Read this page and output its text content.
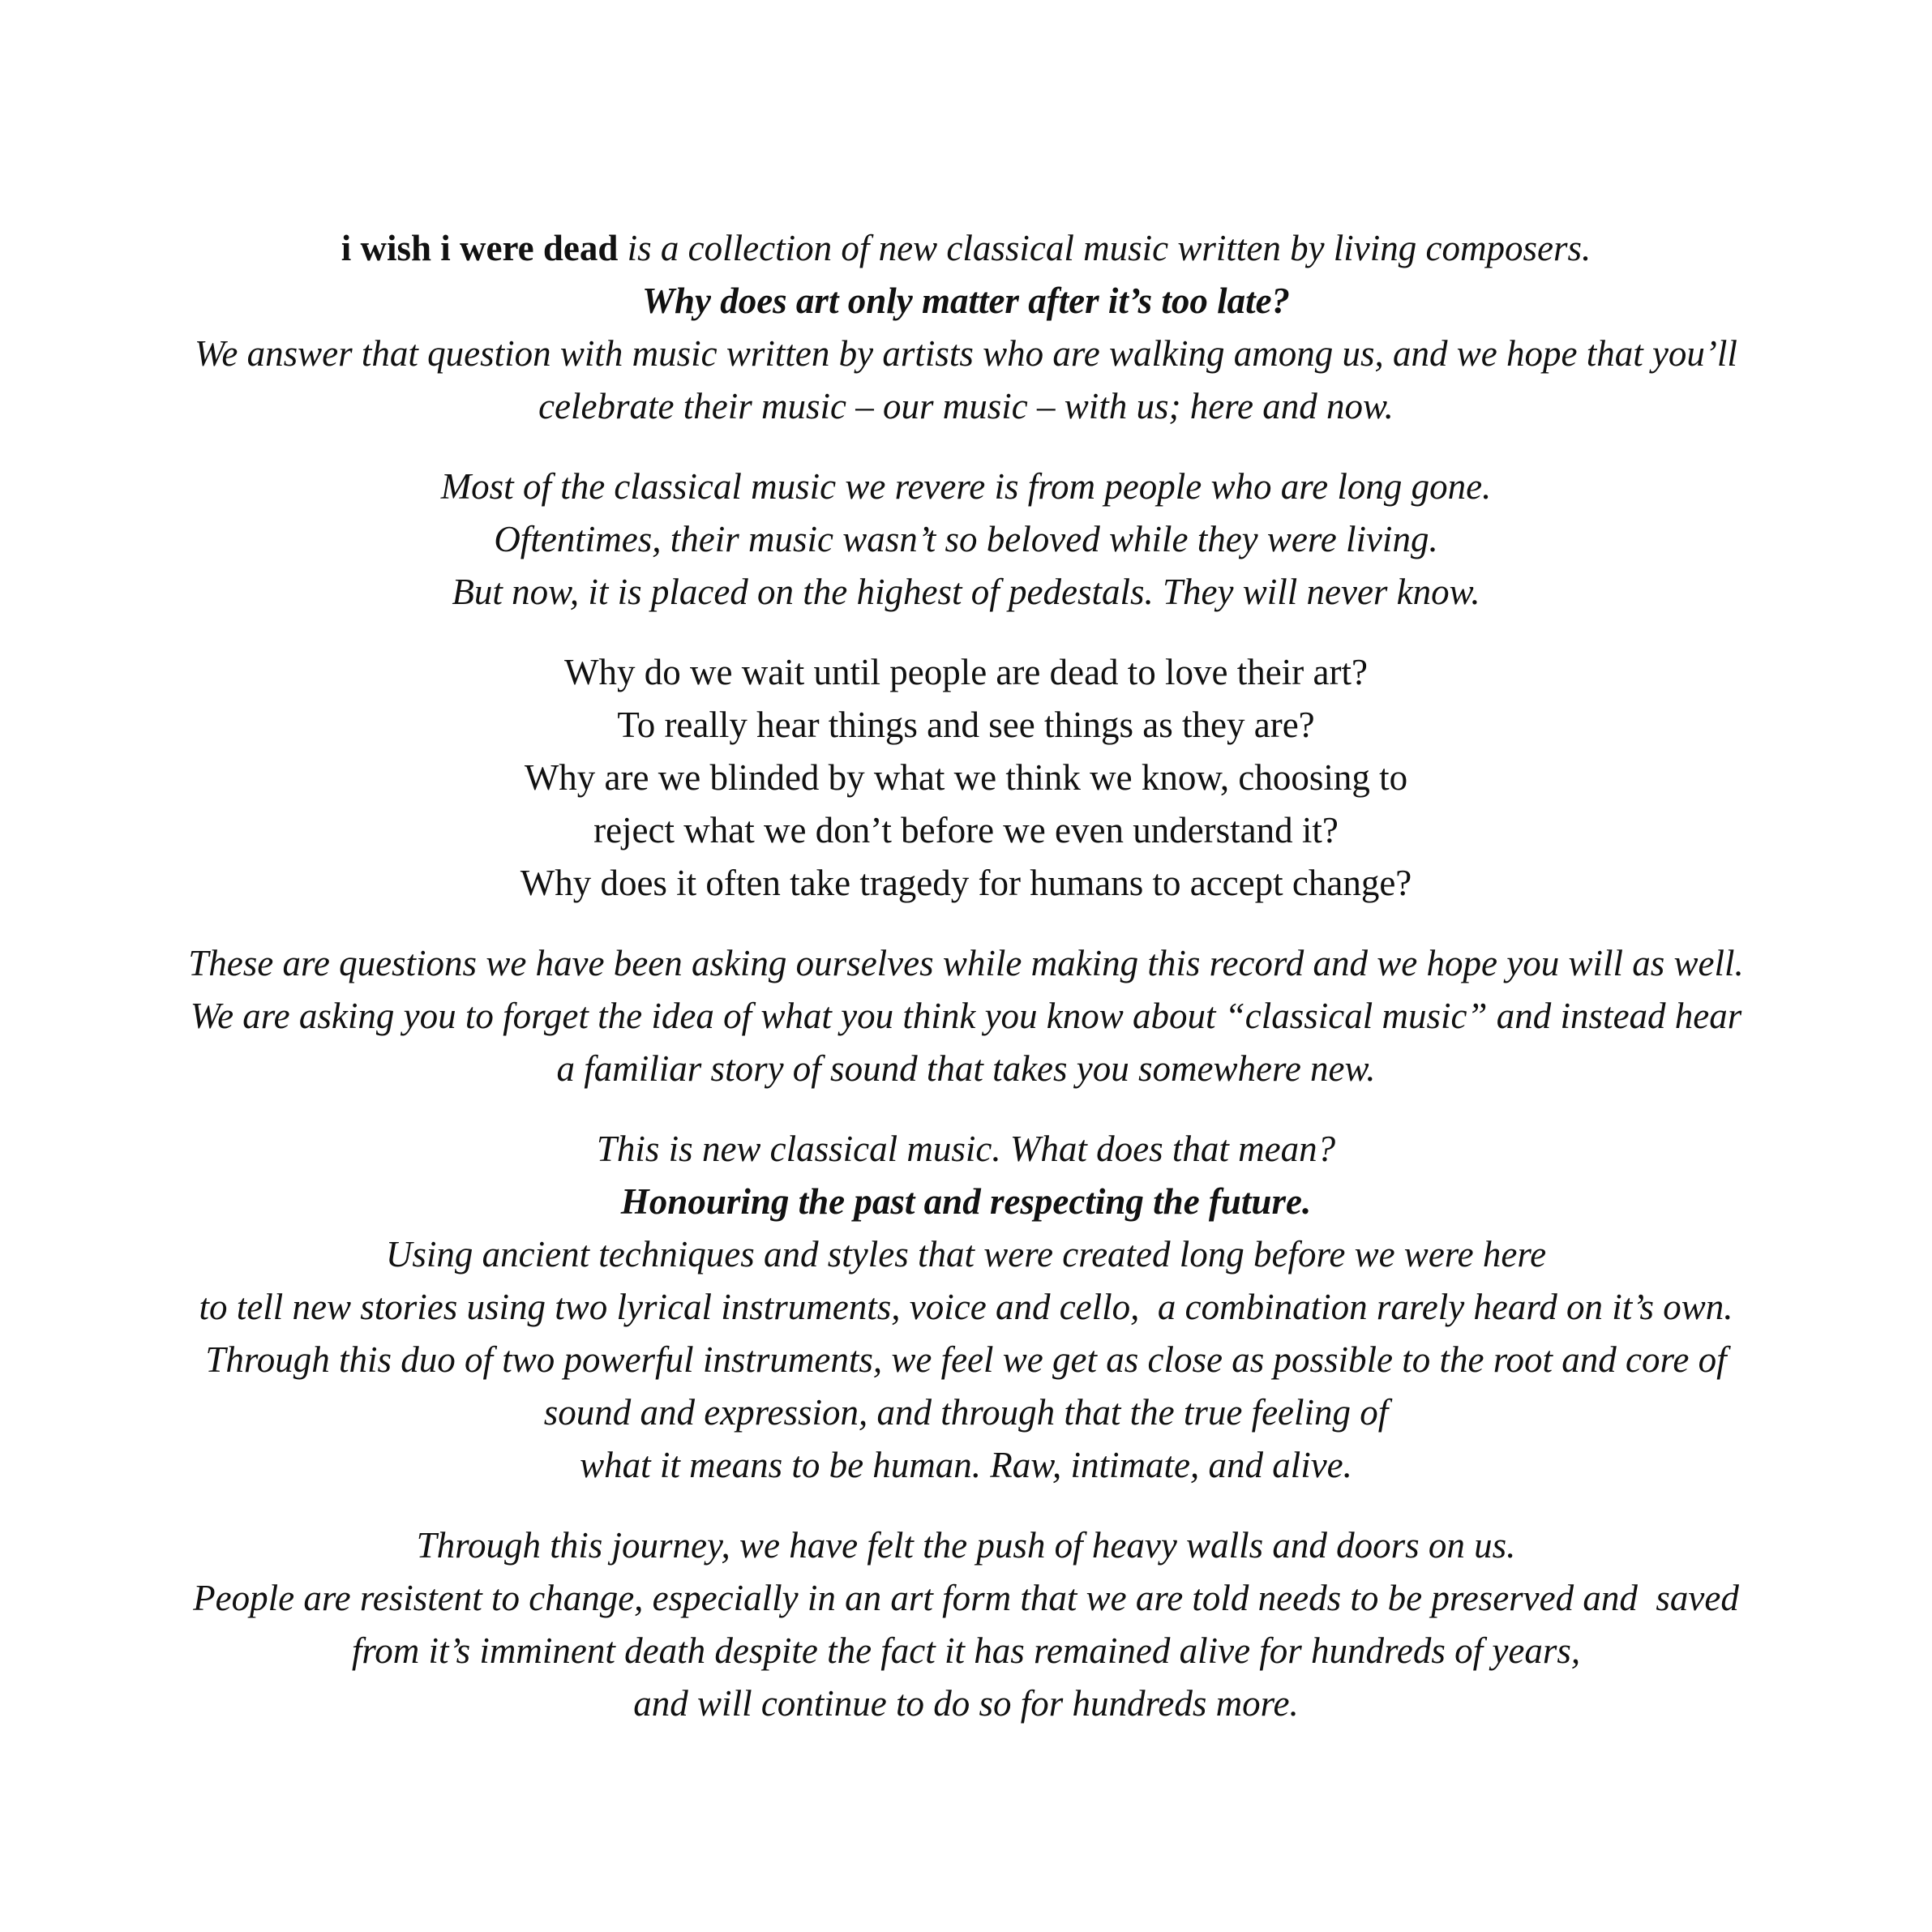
i wish i were dead is a collection of new classical music written by living composers.
Why does art only matter after it’s too late?
We answer that question with music written by artists who are walking among us, and we hope that you’ll
celebrate their music – our music – with us; here and now.
Most of the classical music we revere is from people who are long gone.
Oftentimes, their music wasn’t so beloved while they were living.
But now, it is placed on the highest of pedestals. They will never know.
Why do we wait until people are dead to love their art?
To really hear things and see things as they are?
Why are we blinded by what we think we know, choosing to
reject what we don’t before we even understand it?
Why does it often take tragedy for humans to accept change?
These are questions we have been asking ourselves while making this record and we hope you will as well.
We are asking you to forget the idea of what you think you know about “classical music” and instead hear
a familiar story of sound that takes you somewhere new.
This is new classical music. What does that mean?
Honouring the past and respecting the future.
Using ancient techniques and styles that were created long before we were here
to tell new stories using two lyrical instruments, voice and cello,  a combination rarely heard on it’s own.
Through this duo of two powerful instruments, we feel we get as close as possible to the root and core of
sound and expression, and through that the true feeling of
what it means to be human. Raw, intimate, and alive.
Through this journey, we have felt the push of heavy walls and doors on us.
People are resistent to change, especially in an art form that we are told needs to be preserved and  saved
from it’s imminent death despite the fact it has remained alive for hundreds of years,
and will continue to do so for hundreds more.
